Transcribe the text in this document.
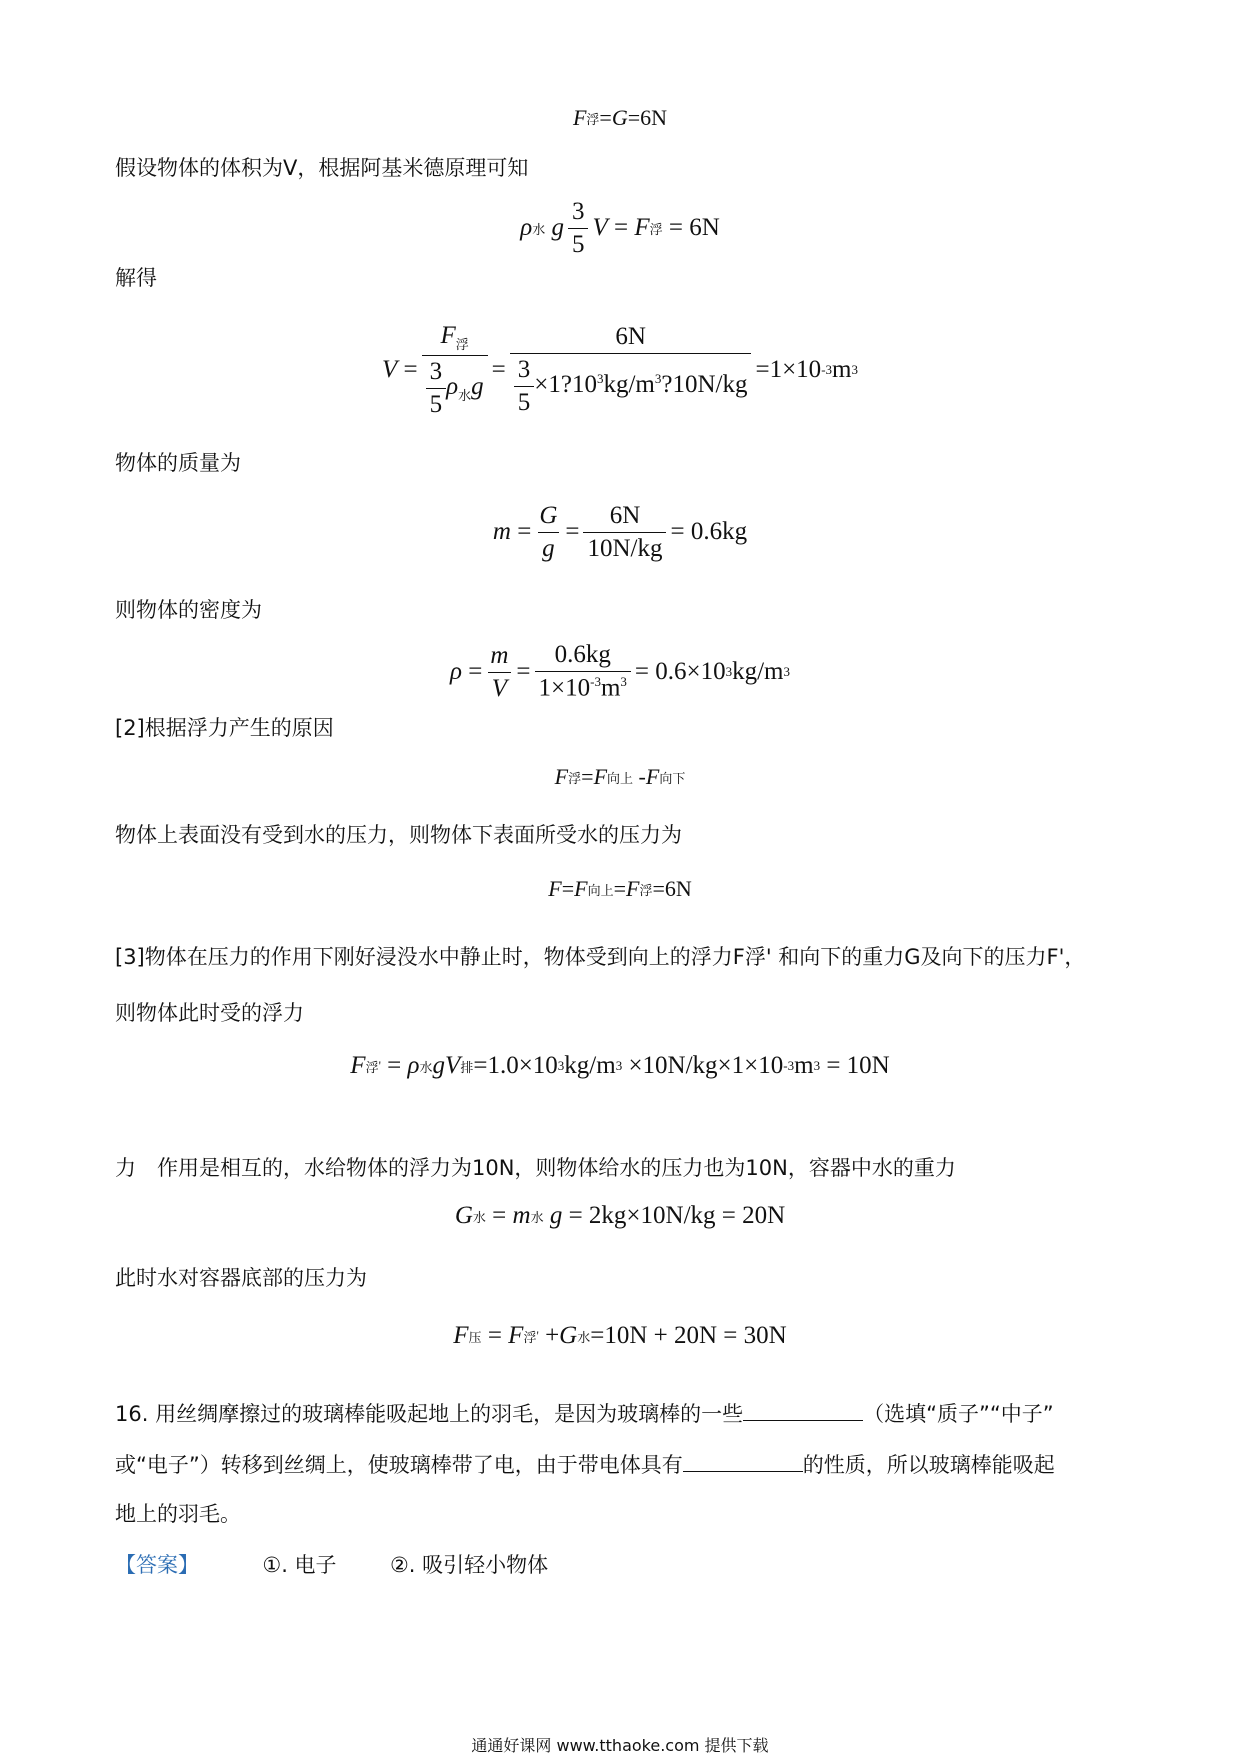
F 浮 = G =6N
假设物体的体积为V，根据阿基米德原理可知
ρ 水 g $\frac{3}{5}$ V = F 浮 = 6N
解得
$V = \frac{F_浮}{\frac{3}{5} \rho_水g} = \frac{6N}{\frac{3}{5} \times 1?10^3kg/m^3?10N/kg} =1\times 10$ -3 m 3
物体的质量为
$m = \frac{G}{g} = \frac{6N}{10N/kg} = 0.6kg$
则物体的密度为
$\rho = \frac{m}{V} = \frac{0.6kg}{1\times 10^{-3}m^3} = 0.6\times 10$ 3 kg/m 3
[2]根据浮力产生的原因
F 浮 = F 向上 - F 向下
物体上表面没有受到水的压力，则物体下表面所受水的压力为
F = F 向上 = F 浮 =6N
[3]物体在压力的作用下刚好浸没水中静止时，物体受到向上的浮力F浮' 和向下的重力G及向下的压力F'，
则物体此时受的浮力
F 浮 ' = ρ 水 gV 排 =1.0×10 3 kg/m 3 ×10N/kg×1×10 -3 m 3 = 10N
力　作用是相互的，水给物体的浮力为10N，则物体给水的压力也为10N，容器中水的重力
G 水 = m 水 g = 2kg×10N/kg = 20N
此时水对容器底部的压力为
F 压 = F 浮 ' + G 水 =10N + 20N = 30N
16. 用丝绸摩擦过的玻璃棒能吸起地上的羽毛，是因为玻璃棒的一些	（选填“质子”“中子”
或“电子”）转移到丝绸上，使玻璃棒带了电，由于带电体具有	的性质，所以玻璃棒能吸起
地上的羽毛。
【答案】	①. 电子	②. 吸引轻小物体
通通好课网 www.tthaoke.com 提供下载
